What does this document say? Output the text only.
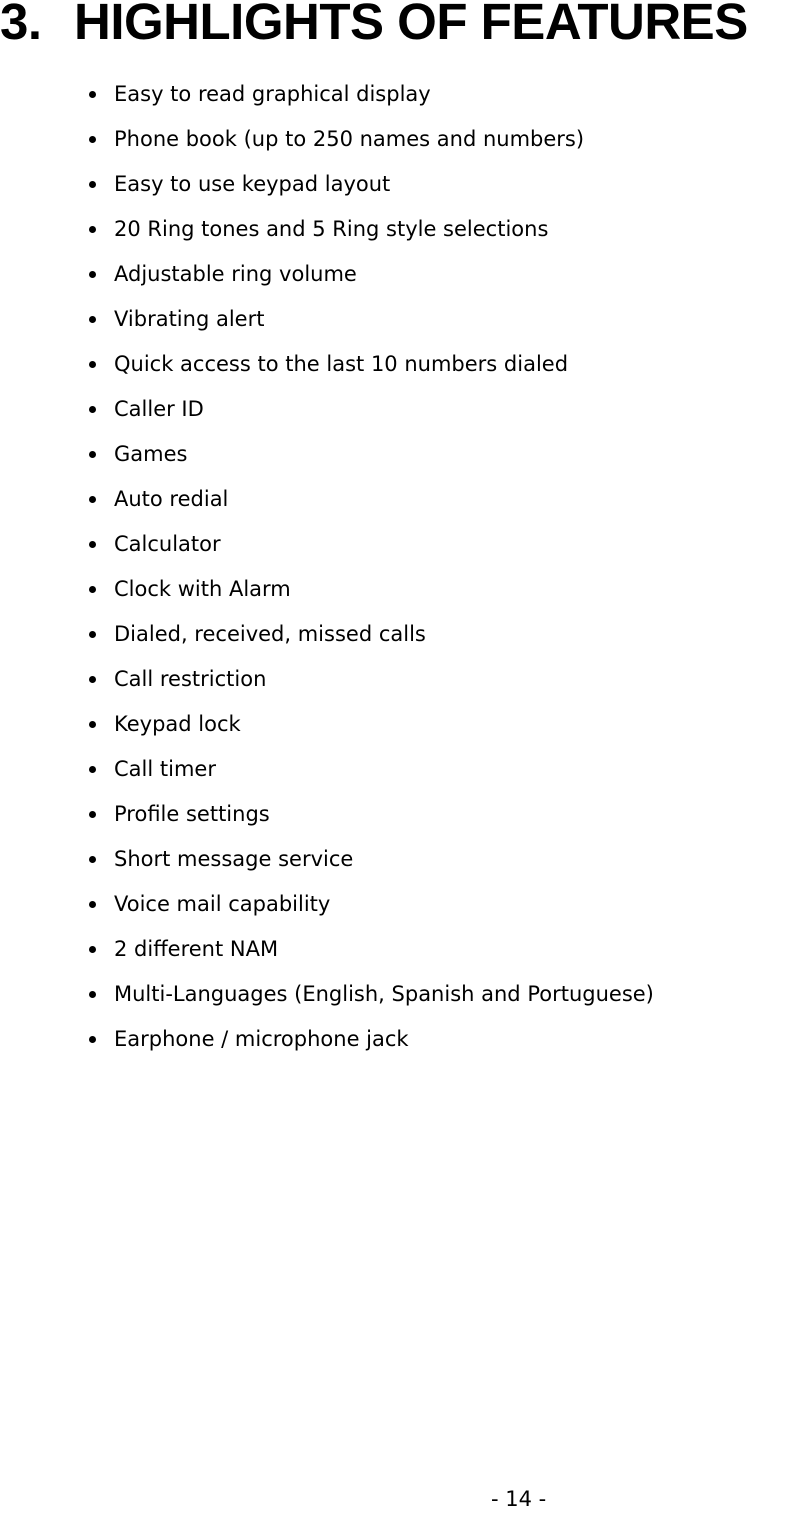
3. HIGHLIGHTS OF FEATURES
Easy to read graphical display
Phone book (up to 250 names and numbers)
Easy to use keypad layout
20 Ring tones and 5 Ring style selections
Adjustable ring volume
Vibrating alert
Quick access to the last 10 numbers dialed
Caller ID
Games
Auto redial
Calculator
Clock with Alarm
Dialed, received, missed calls
Call restriction
Keypad lock
Call timer
Profile settings
Short message service
Voice mail capability
2 different NAM
Multi-Languages (English, Spanish and Portuguese)
Earphone / microphone jack
- 14 -
